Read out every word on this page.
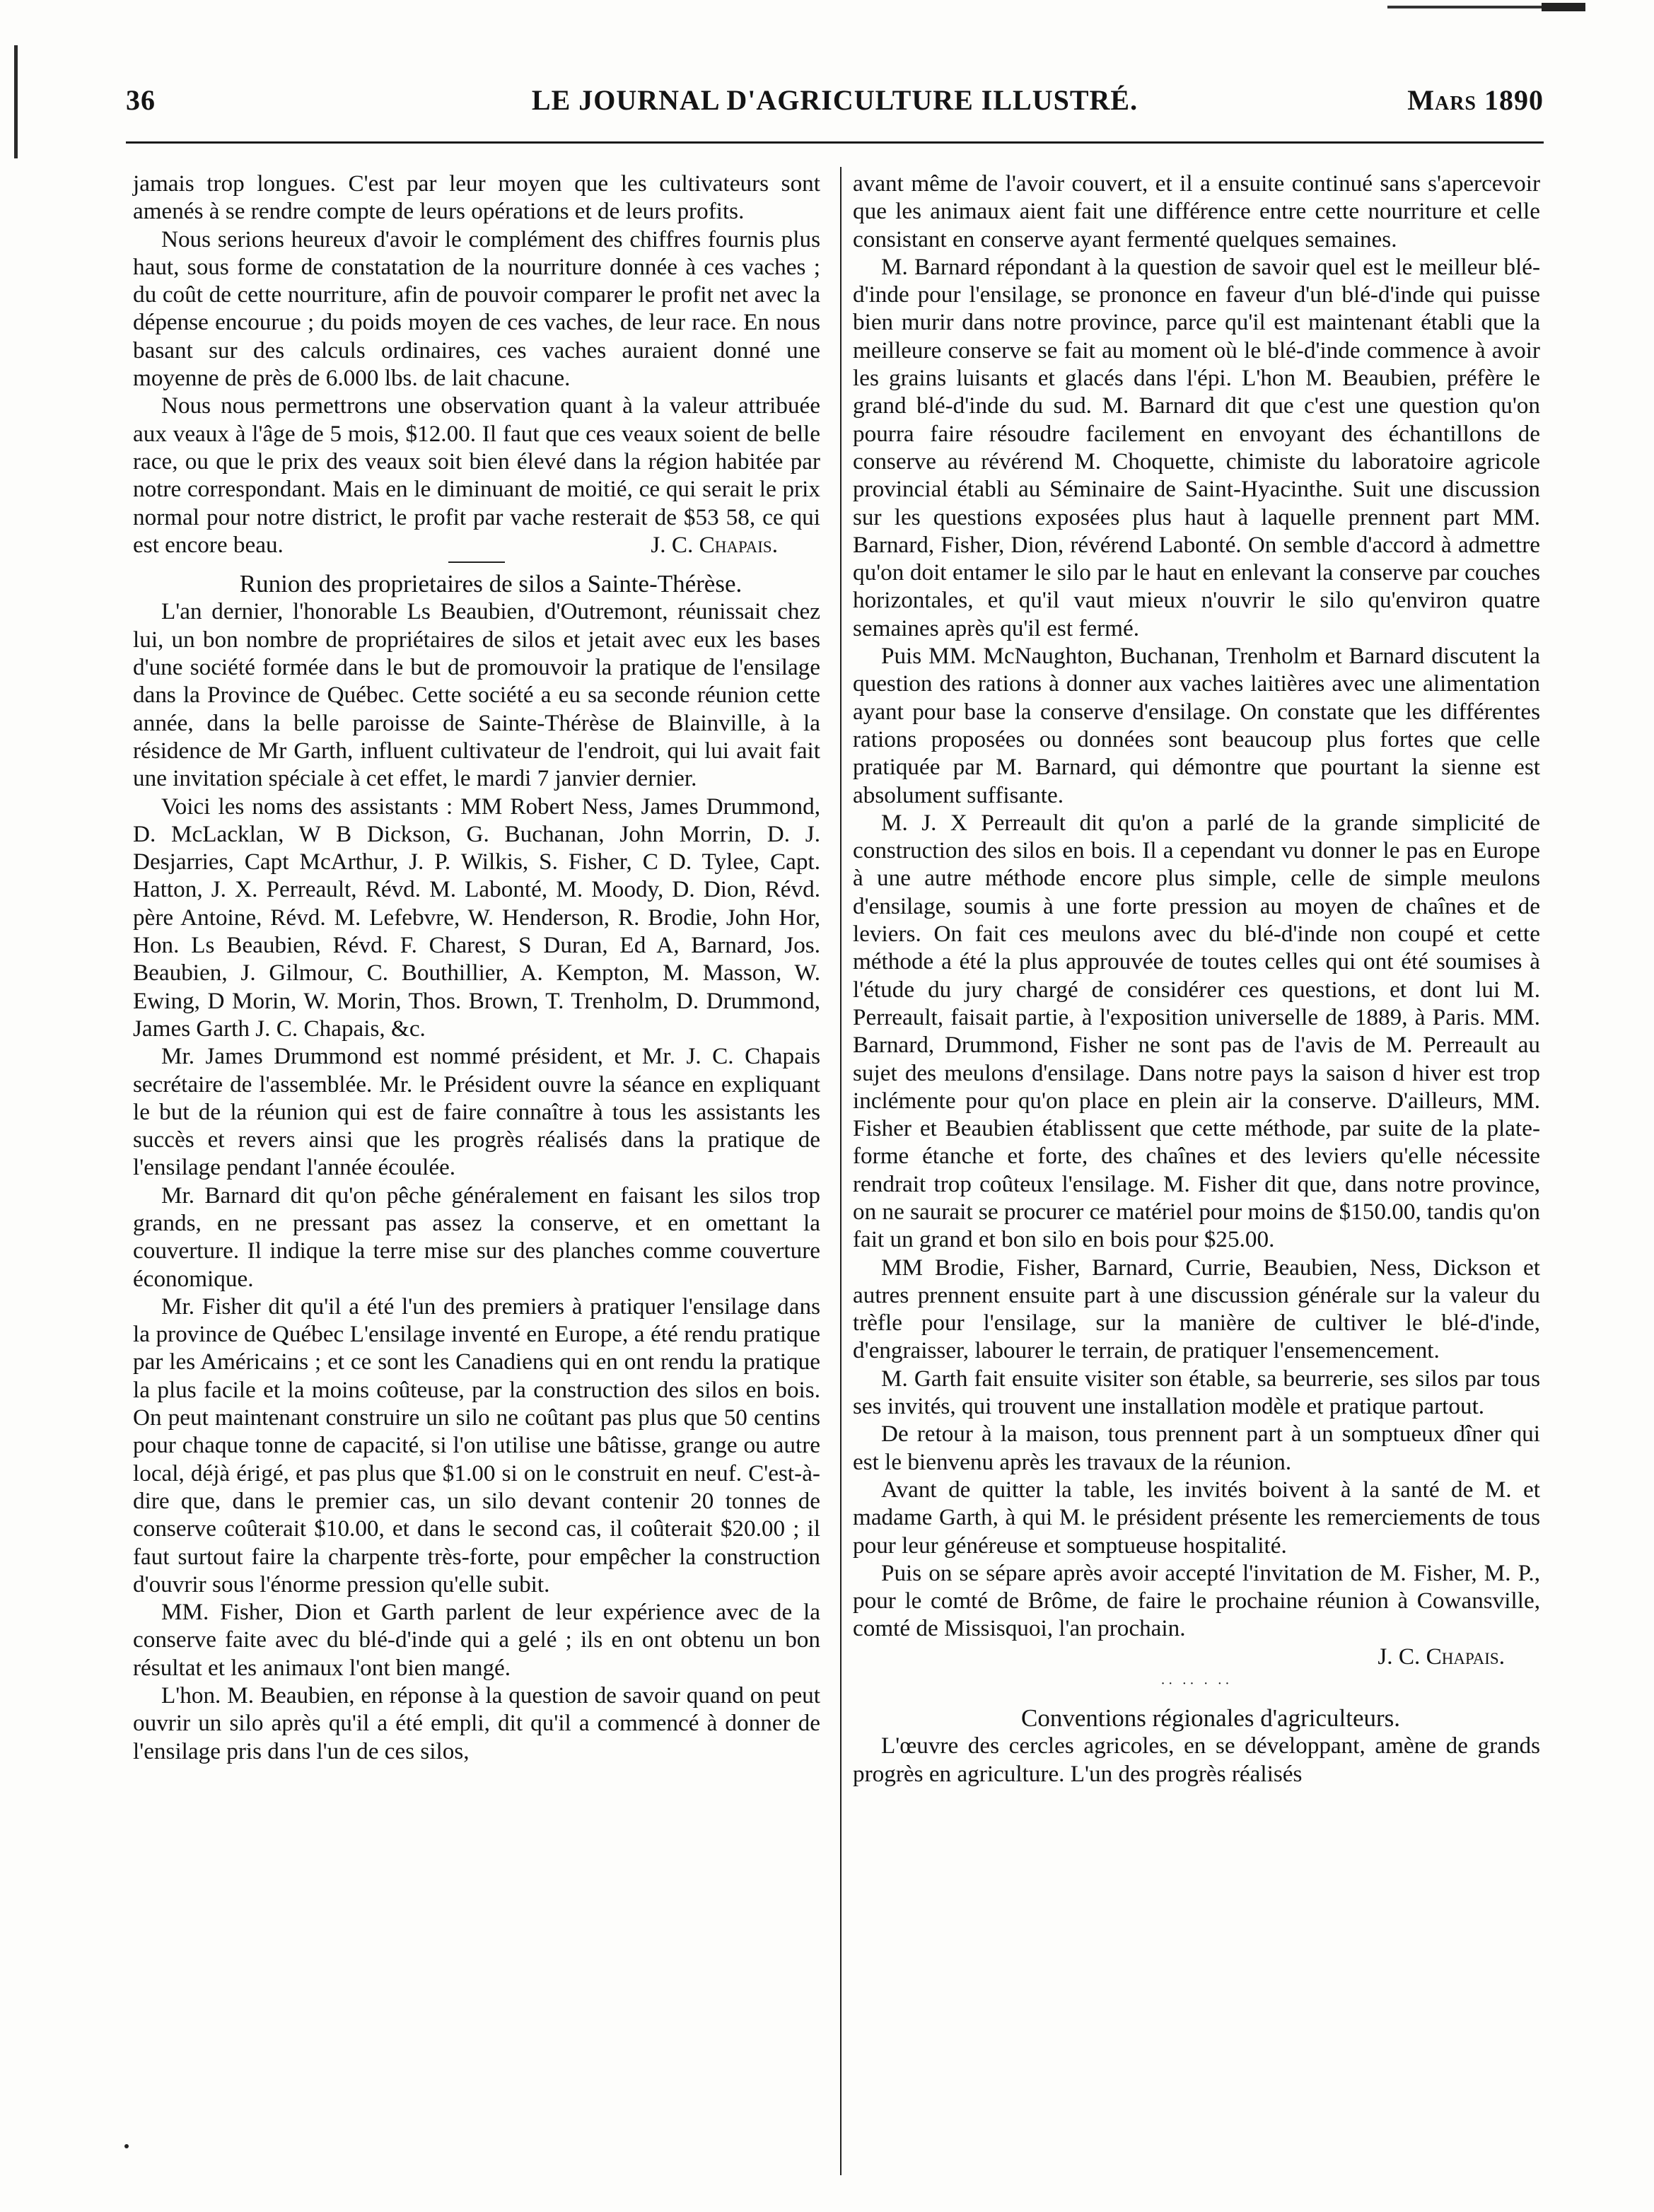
36	LE JOURNAL D'AGRICULTURE ILLUSTRÉ.	Mars 1890

jamais trop longues. C'est par leur moyen que les cultivateurs sont amenés à se rendre compte de leurs opérations et de leurs profits.

Nous serions heureux d'avoir le complément des chiffres fournis plus haut, sous forme de constatation de la nourriture donnée à ces vaches ; du coût de cette nourriture, afin de pouvoir comparer le profit net avec la dépense encourue ; du poids moyen de ces vaches, de leur race. En nous basant sur des calculs ordinaires, ces vaches auraient donné une moyenne de près de 6.000 lbs. de lait chacune.

Nous nous permettrons une observation quant à la valeur attribuée aux veaux à l'âge de 5 mois, $12.00. Il faut que ces veaux soient de belle race, ou que le prix des veaux soit bien élevé dans la région habitée par notre correspondant. Mais en le diminuant de moitié, ce qui serait le prix normal pour notre district, le profit par vache resterait de $53 58, ce qui est encore beau.	J. C. Chapais.

Runion des proprietaires de silos a Sainte-Thérèse.

L'an dernier, l'honorable Ls Beaubien, d'Outremont, réunissait chez lui, un bon nombre de propriétaires de silos et jetait avec eux les bases d'une société formée dans le but de promouvoir la pratique de l'ensilage dans la Province de Québec. Cette société a eu sa seconde réunion cette année, dans la belle paroisse de Sainte-Thérèse de Blainville, à la résidence de Mr Garth, influent cultivateur de l'endroit, qui lui avait fait une invitation spéciale à cet effet, le mardi 7 janvier dernier.

Voici les noms des assistants : MM Robert Ness, James Drummond, D. McLacklan, W B Dickson, G. Buchanan, John Morrin, D. J. Desjarries, Capt McArthur, J. P. Wilkis, S. Fisher, C D. Tylee, Capt. Hatton, J. X. Perreault, Révd. M. Labonté, M. Moody, D. Dion, Révd. père Antoine, Révd. M. Lefebvre, W. Henderson, R. Brodie, John Hor, Hon. Ls Beaubien, Révd. F. Charest, S Duran, Ed A, Barnard, Jos. Beaubien, J. Gilmour, C. Bouthillier, A. Kempton, M. Masson, W. Ewing, D Morin, W. Morin, Thos. Brown, T. Trenholm, D. Drummond, James Garth J. C. Chapais, &c.

Mr. James Drummond est nommé président, et Mr. J. C. Chapais secrétaire de l'assemblée. Mr. le Président ouvre la séance en expliquant le but de la réunion qui est de faire connaître à tous les assistants les succès et revers ainsi que les progrès réalisés dans la pratique de l'ensilage pendant l'année écoulée.

Mr. Barnard dit qu'on pêche généralement en faisant les silos trop grands, en ne pressant pas assez la conserve, et en omettant la couverture. Il indique la terre mise sur des planches comme couverture économique.

Mr. Fisher dit qu'il a été l'un des premiers à pratiquer l'ensilage dans la province de Québec L'ensilage inventé en Europe, a été rendu pratique par les Américains ; et ce sont les Canadiens qui en ont rendu la pratique la plus facile et la moins coûteuse, par la construction des silos en bois. On peut maintenant construire un silo ne coûtant pas plus que 50 centins pour chaque tonne de capacité, si l'on utilise une bâtisse, grange ou autre local, déjà érigé, et pas plus que $1.00 si on le construit en neuf. C'est-à-dire que, dans le premier cas, un silo devant contenir 20 tonnes de conserve coûterait $10.00, et dans le second cas, il coûterait $20.00 ; il faut surtout faire la charpente très-forte, pour empêcher la construction d'ouvrir sous l'énorme pression qu'elle subit.

MM. Fisher, Dion et Garth parlent de leur expérience avec de la conserve faite avec du blé-d'inde qui a gelé ; ils en ont obtenu un bon résultat et les animaux l'ont bien mangé.

L'hon. M. Beaubien, en réponse à la question de savoir quand on peut ouvrir un silo après qu'il a été empli, dit qu'il a commencé à donner de l'ensilage pris dans l'un de ces silos,

avant même de l'avoir couvert, et il a ensuite continué sans s'apercevoir que les animaux aient fait une différence entre cette nourriture et celle consistant en conserve ayant fermenté quelques semaines.

M. Barnard répondant à la question de savoir quel est le meilleur blé-d'inde pour l'ensilage, se prononce en faveur d'un blé-d'inde qui puisse bien murir dans notre province, parce qu'il est maintenant établi que la meilleure conserve se fait au moment où le blé-d'inde commence à avoir les grains luisants et glacés dans l'épi. L'hon M. Beaubien, préfère le grand blé-d'inde du sud. M. Barnard dit que c'est une question qu'on pourra faire résoudre facilement en envoyant des échantillons de conserve au révérend M. Choquette, chimiste du laboratoire agricole provincial établi au Séminaire de Saint-Hyacinthe. Suit une discussion sur les questions exposées plus haut à laquelle prennent part MM. Barnard, Fisher, Dion, révérend Labonté. On semble d'accord à admettre qu'on doit entamer le silo par le haut en enlevant la conserve par couches horizontales, et qu'il vaut mieux n'ouvrir le silo qu'environ quatre semaines après qu'il est fermé.

Puis MM. McNaughton, Buchanan, Trenholm et Barnard discutent la question des rations à donner aux vaches laitières avec une alimentation ayant pour base la conserve d'ensilage. On constate que les différentes rations proposées ou données sont beaucoup plus fortes que celle pratiquée par M. Barnard, qui démontre que pourtant la sienne est absolument suffisante.

M. J. X Perreault dit qu'on a parlé de la grande simplicité de construction des silos en bois. Il a cependant vu donner le pas en Europe à une autre méthode encore plus simple, celle de simple meulons d'ensilage, soumis à une forte pression au moyen de chaînes et de leviers. On fait ces meulons avec du blé-d'inde non coupé et cette méthode a été la plus approuvée de toutes celles qui ont été soumises à l'étude du jury chargé de considérer ces questions, et dont lui M. Perreault, faisait partie, à l'exposition universelle de 1889, à Paris. MM. Barnard, Drummond, Fisher ne sont pas de l'avis de M. Perreault au sujet des meulons d'ensilage. Dans notre pays la saison d hiver est trop inclémente pour qu'on place en plein air la conserve. D'ailleurs, MM. Fisher et Beaubien établissent que cette méthode, par suite de la plate-forme étanche et forte, des chaînes et des leviers qu'elle nécessite rendrait trop coûteux l'ensilage. M. Fisher dit que, dans notre province, on ne saurait se procurer ce matériel pour moins de $150.00, tandis qu'on fait un grand et bon silo en bois pour $25.00.

MM Brodie, Fisher, Barnard, Currie, Beaubien, Ness, Dickson et autres prennent ensuite part à une discussion générale sur la valeur du trèfle pour l'ensilage, sur la manière de cultiver le blé-d'inde, d'engraisser, labourer le terrain, de pratiquer l'ensemencement.

M. Garth fait ensuite visiter son étable, sa beurrerie, ses silos par tous ses invités, qui trouvent une installation modèle et pratique partout.

De retour à la maison, tous prennent part à un somptueux dîner qui est le bienvenu après les travaux de la réunion.

Avant de quitter la table, les invités boivent à la santé de M. et madame Garth, à qui M. le président présente les remerciements de tous pour leur généreuse et somptueuse hospitalité.

Puis on se sépare après avoir accepté l'invitation de M. Fisher, M. P., pour le comté de Brôme, de faire le prochaine réunion à Cowansville, comté de Missisquoi, l'an prochain.

J. C. Chapais.
·· ·· · ··

Conventions régionales d'agriculteurs.

L'œuvre des cercles agricoles, en se développant, amène de grands progrès en agriculture. L'un des progrès réalisés
